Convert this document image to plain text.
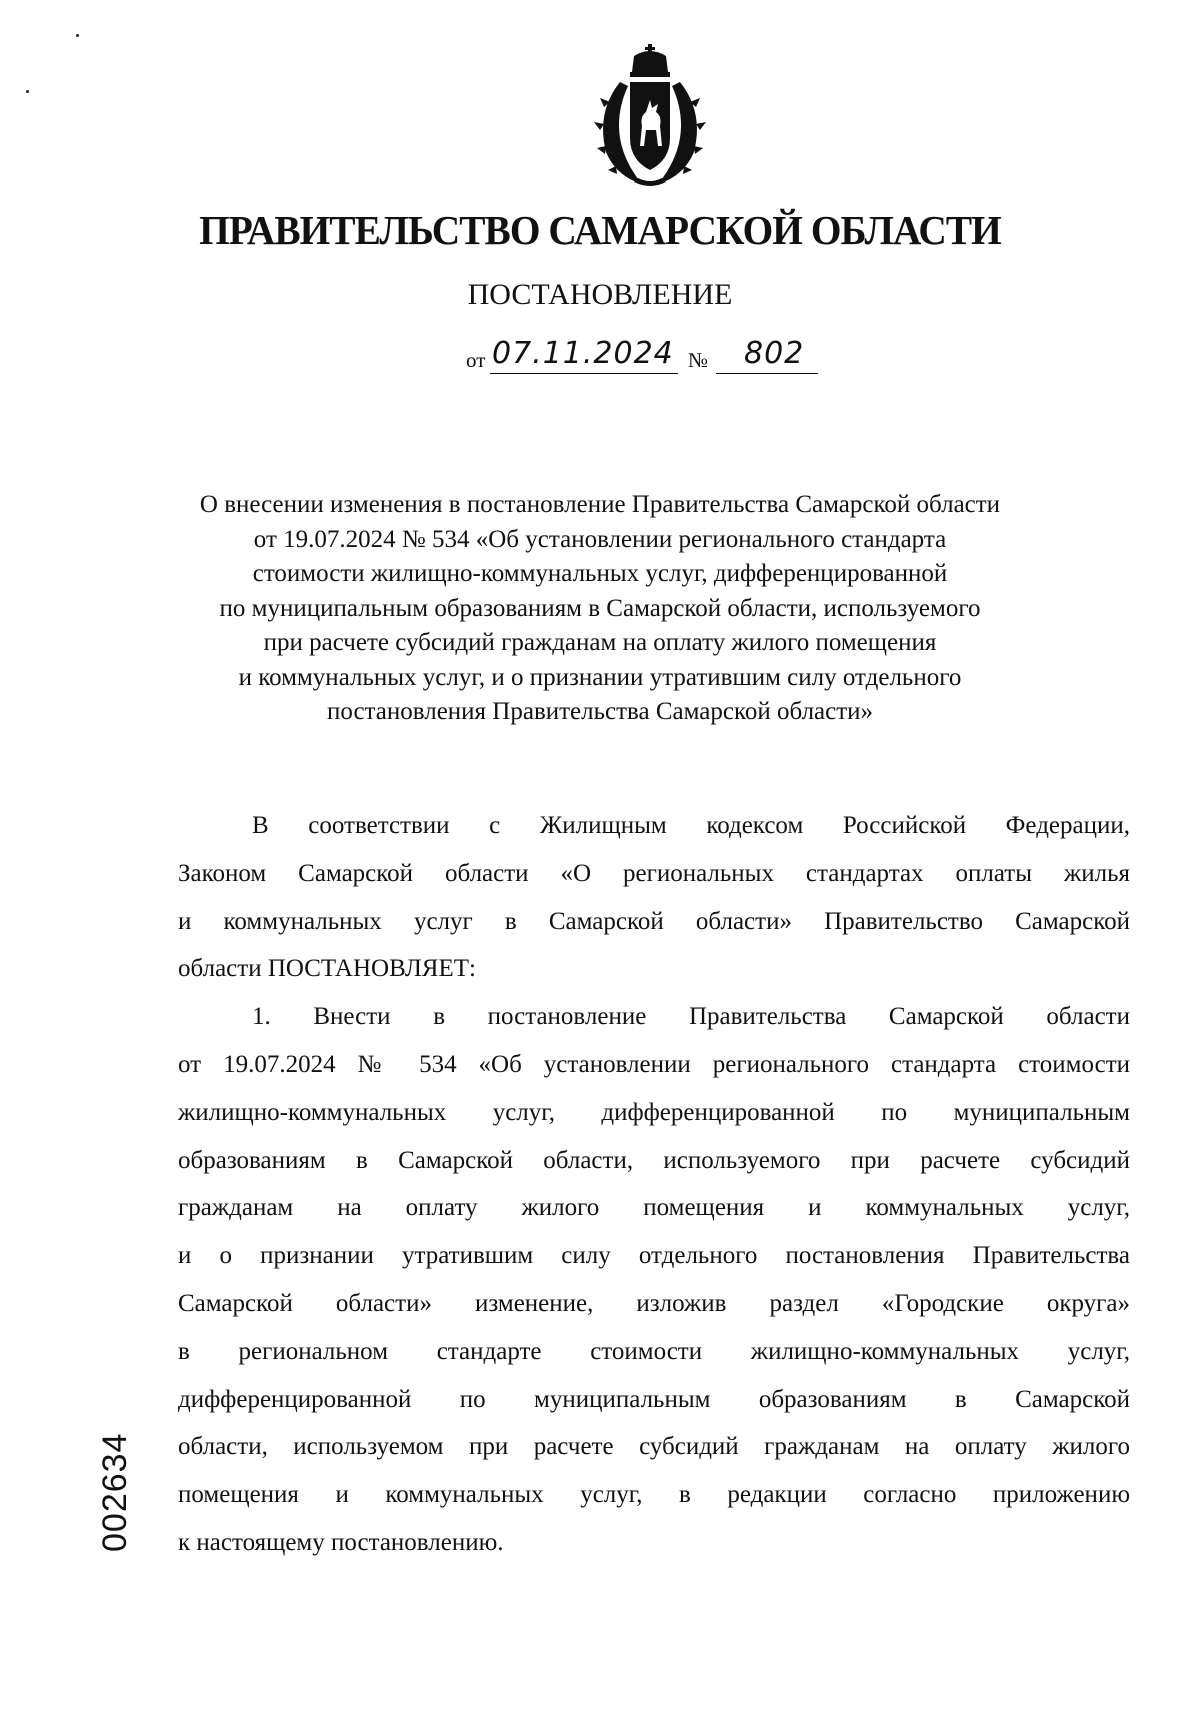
ПРАВИТЕЛЬСТВО САМАРСКОЙ ОБЛАСТИ
ПОСТАНОВЛЕНИЕ
от 07.11.2024 № 802
О внесении изменения в постановление Правительства Самарской области
от 19.07.2024 № 534 «Об установлении регионального стандарта
стоимости жилищно-коммунальных услуг, дифференцированной
по муниципальным образованиям в Самарской области, используемого
при расчете субсидий гражданам на оплату жилого помещения
и коммунальных услуг, и о признании утратившим силу отдельного
постановления Правительства Самарской области»
В соответствии с Жилищным кодексом Российской Федерации,
Законом Самарской области «О региональных стандартах оплаты жилья
и коммунальных услуг в Самарской области» Правительство Самарской
области ПОСТАНОВЛЯЕТ:
1. Внести в постановление Правительства Самарской области
от 19.07.2024 № 534 «Об установлении регионального стандарта стоимости
жилищно-коммунальных услуг, дифференцированной по муниципальным
образованиям в Самарской области, используемого при расчете субсидий
гражданам на оплату жилого помещения и коммунальных услуг,
и о признании утратившим силу отдельного постановления Правительства
Самарской области» изменение, изложив раздел «Городские округа»
в региональном стандарте стоимости жилищно-коммунальных услуг,
дифференцированной по муниципальным образованиям в Самарской
области, используемом при расчете субсидий гражданам на оплату жилого
помещения и коммунальных услуг, в редакции согласно приложению
к настоящему постановлению.
002634
